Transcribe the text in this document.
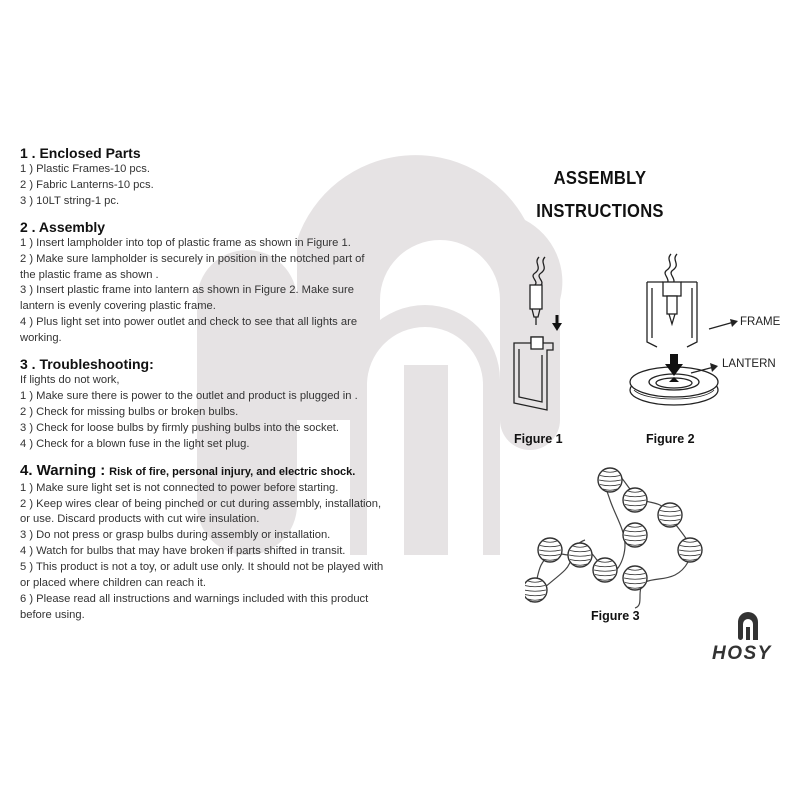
1 . Enclosed Parts

1 ) Plastic Frames-10 pcs.

2 ) Fabric Lanterns-10 pcs.

3 ) 10LT string-1 pc.

2 . Assembly

1 ) Insert lampholder into top of plastic frame as shown in Figure 1.

2 ) Make sure lampholder is securely in position in the notched part of

the plastic frame as shown .

3 ) Insert plastic frame into lantern as shown in Figure 2. Make sure

lantern is evenly covering plastic frame.

4 ) Plus light set into power outlet and check to see that all lights are

working.

3 . Troubleshooting:

If lights do not work,

1 ) Make sure there is power to the outlet and product is plugged in .

2 ) Check for missing bulbs or broken bulbs.

3 ) Check for loose bulbs by firmly pushing bulbs into the socket.

4 ) Check for a blown fuse in the light set plug.

4. Warning : Risk of fire, personal injury, and electric shock.

1 ) Make sure light set is not connected to power before starting.

2 ) Keep wires clear of being pinched or cut during assembly, installation,

or use. Discard products with cut wire insulation.

3 ) Do not press or grasp bulbs during assembly or installation.

4 ) Watch for bulbs that may have broken if parts shifted in transit.

5 ) This product is not a toy, or adult use only. It should not be played with

or placed where children can reach it.

6 ) Please read all instructions and warnings included with this product

before using.

ASSEMBLY
INSTRUCTIONS
FRAME
LANTERN
Figure 1	Figure 2
Figure 3
HOSY
